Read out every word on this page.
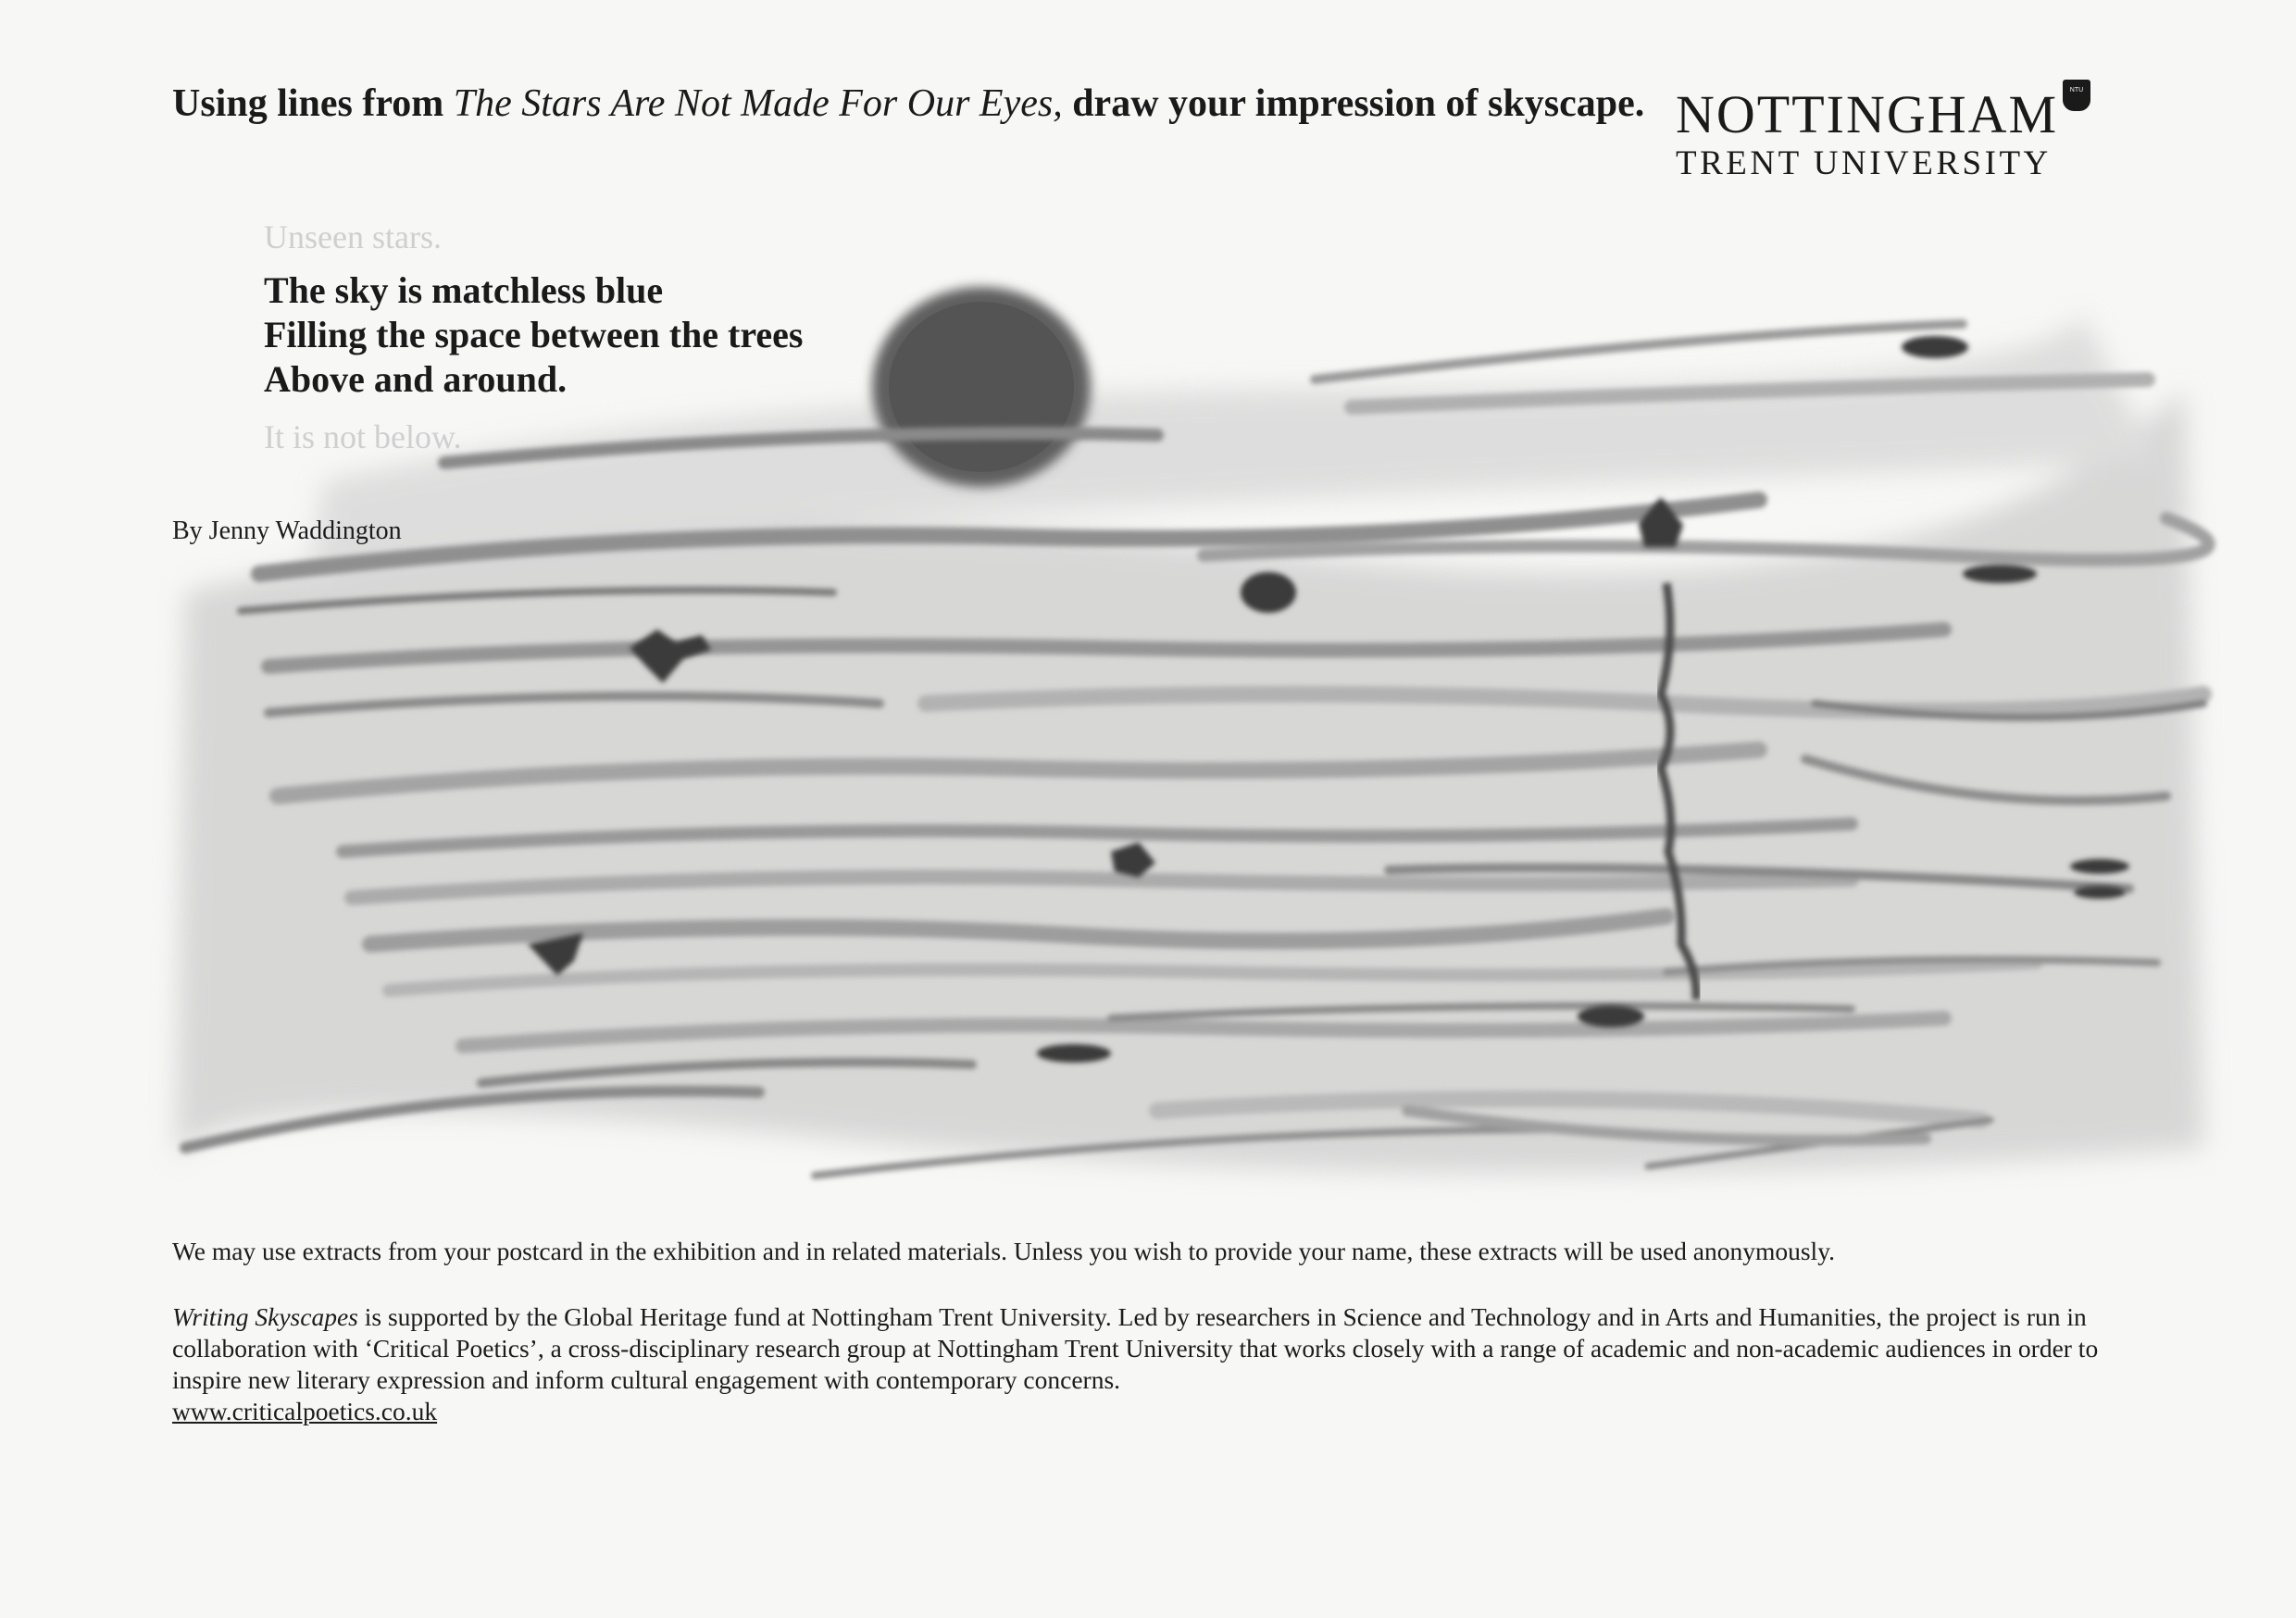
Using lines from The Stars Are Not Made For Our Eyes, draw your impression of skyscape. NOTTINGHAM
TRENT UNIVERSITY
NTU
Unseen stars.
The sky is matchless blue
Filling the space between the trees
Above and around.
It is not below.
By Jenny Waddington
We may use extracts from your postcard in the exhibition and in related materials. Unless you wish to provide your name, these extracts will be used anonymously.
Writing Skyscapes is supported by the Global Heritage fund at Nottingham Trent University. Led by researchers in Science and Technology and in Arts and Humanities, the project is run in collaboration with ‘Critical Poetics’, a cross-disciplinary research group at Nottingham Trent University that works closely with a range of academic and non-academic audiences in order to inspire new literary expression and inform cultural engagement with contemporary concerns.
www.criticalpoetics.co.uk
